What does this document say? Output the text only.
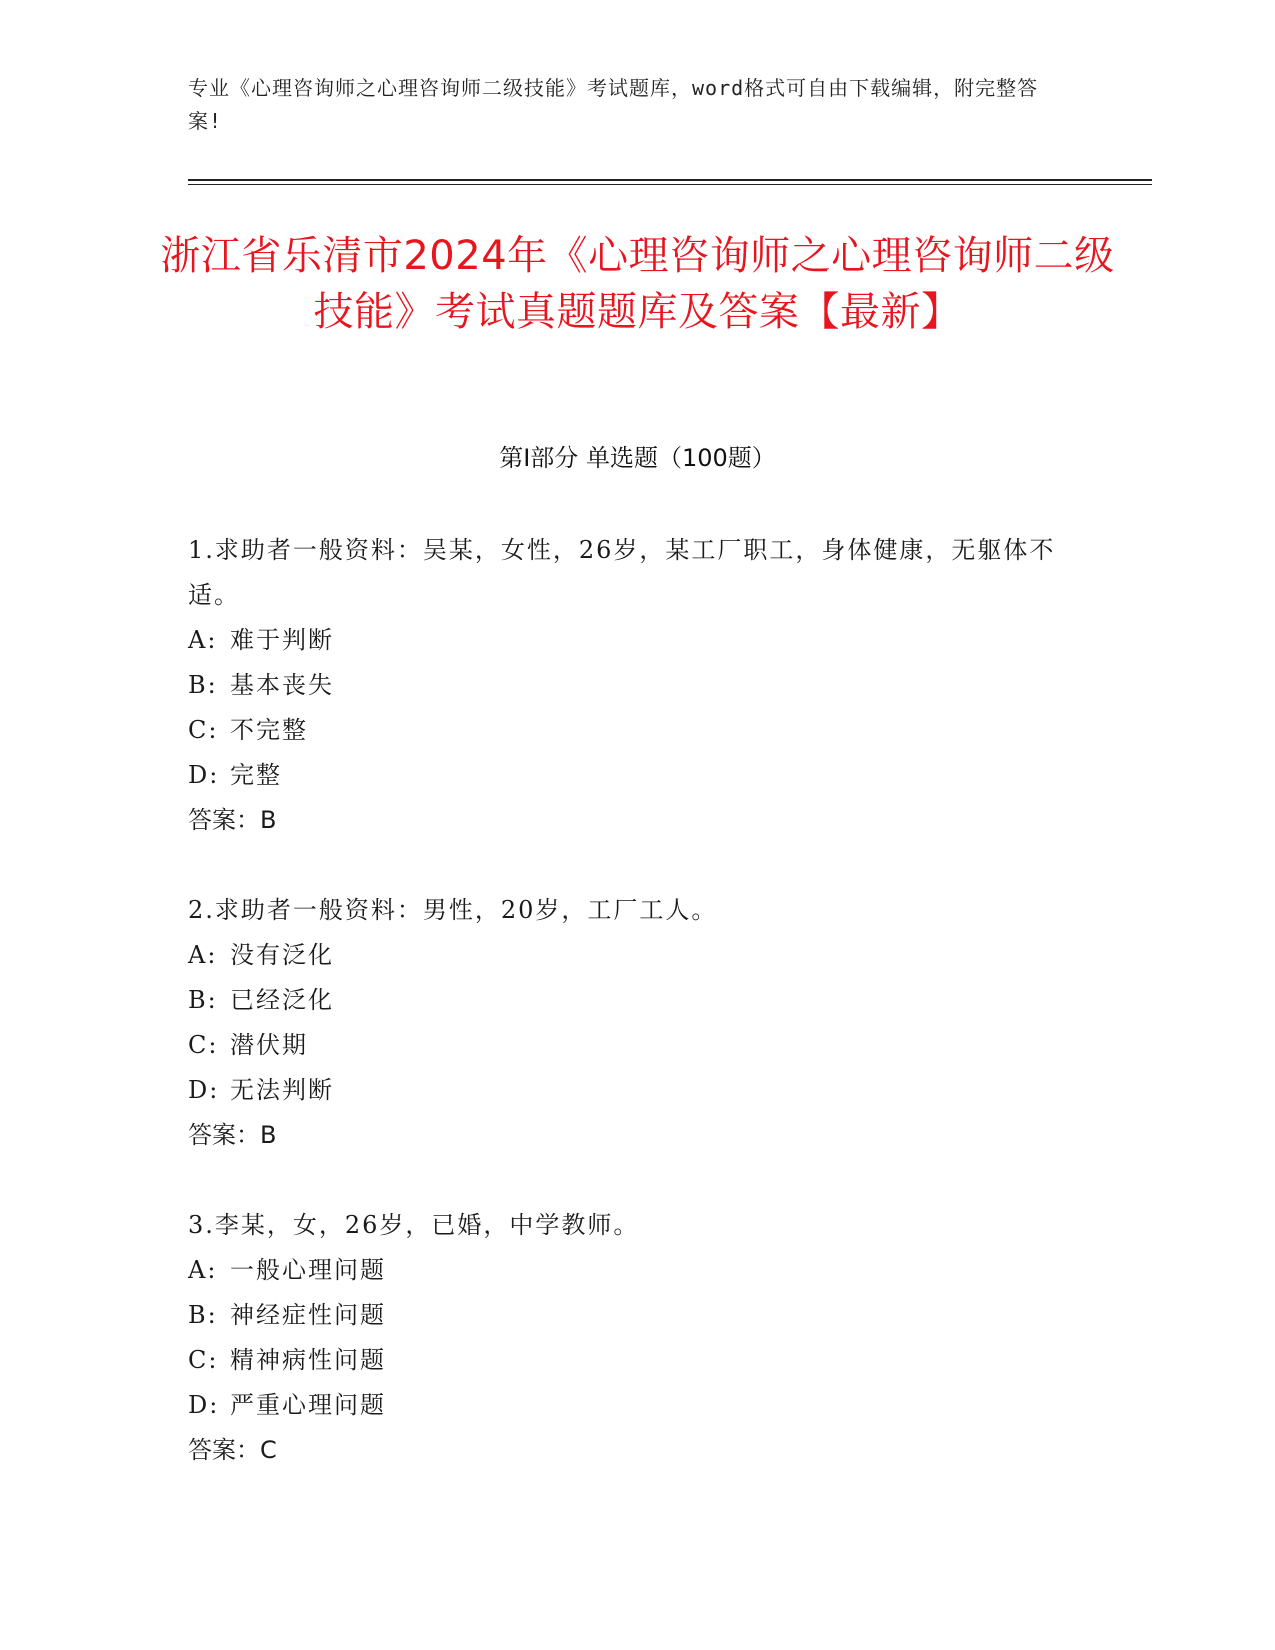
专业《心理咨询师之心理咨询师二级技能》考试题库，word格式可自由下载编辑，附完整答案!
浙江省乐清市2024年《心理咨询师之心理咨询师二级技能》考试真题题库及答案【最新】
第Ⅰ部分 单选题（100题）
1.求助者一般资料：吴某，女性，26岁，某工厂职工，身体健康，无躯体不适。
A: 难于判断
B: 基本丧失
C: 不完整
D: 完整
答案：B
2.求助者一般资料：男性，20岁，工厂工人。
A: 没有泛化
B: 已经泛化
C: 潜伏期
D: 无法判断
答案：B
3.李某，女，26岁，已婚，中学教师。
A: 一般心理问题
B: 神经症性问题
C: 精神病性问题
D: 严重心理问题
答案：C
